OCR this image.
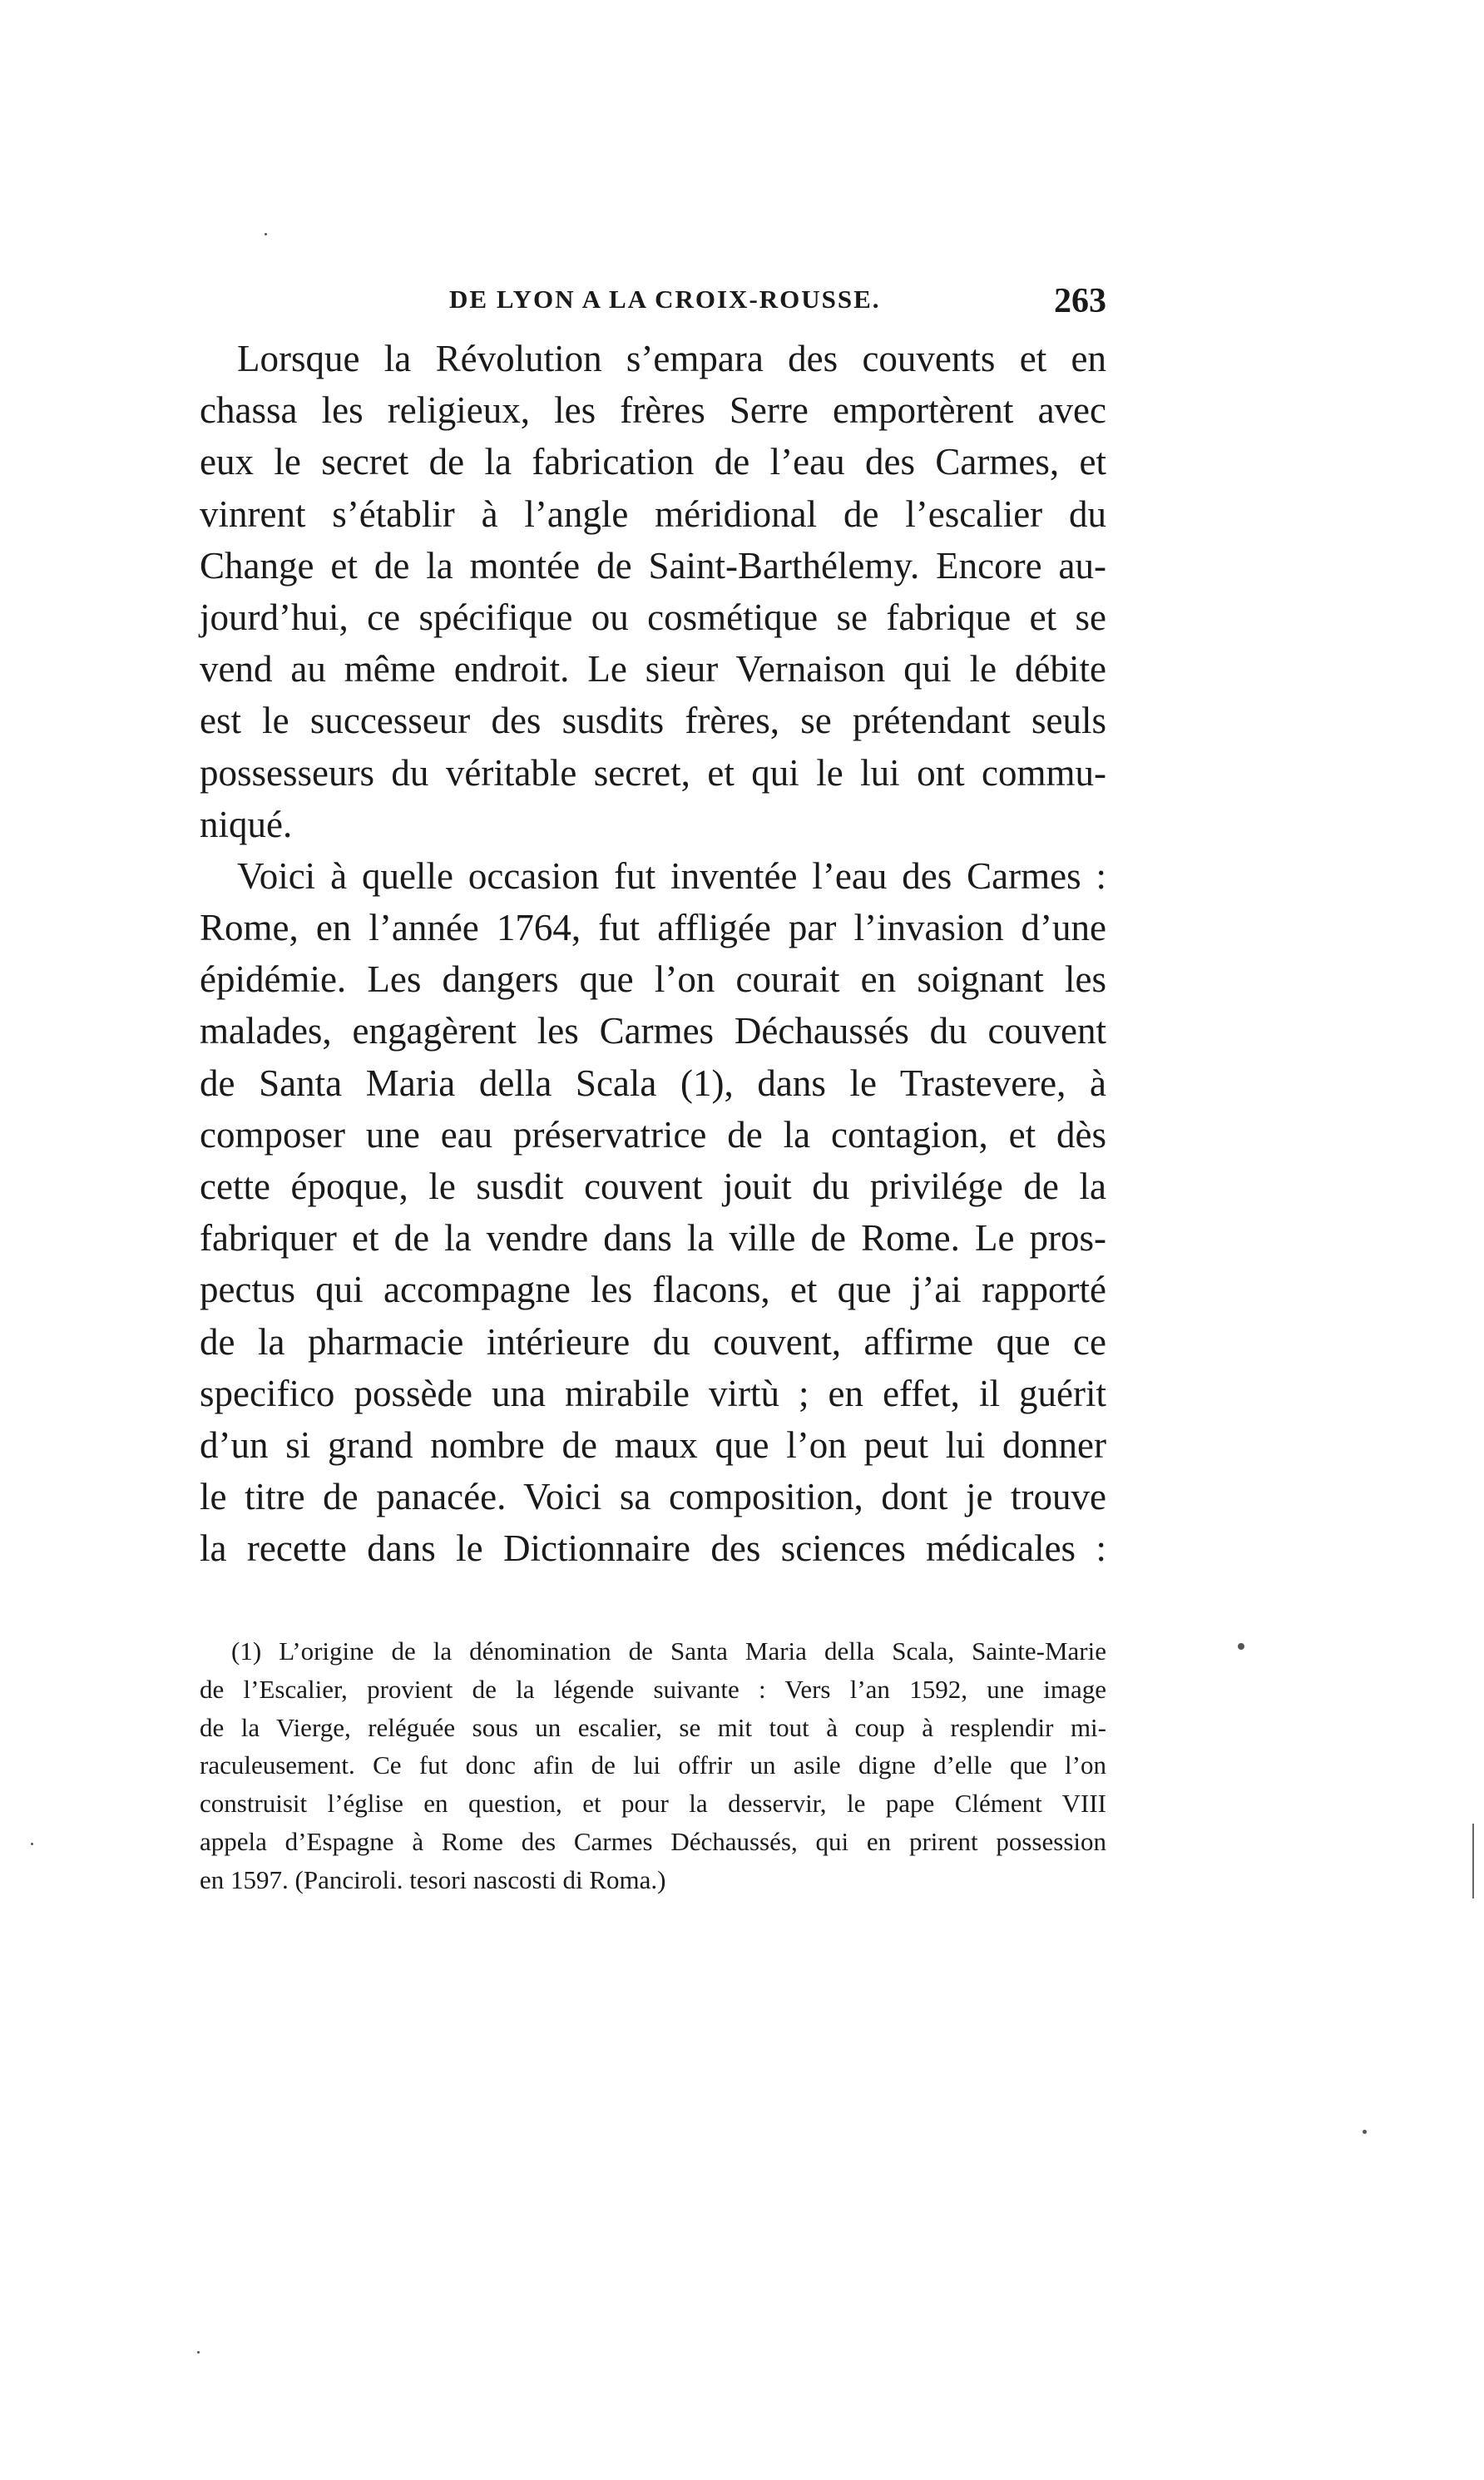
DE LYON A LA CROIX-ROUSSE.	263
Lorsque la Révolution s’empara des couvents et en
chassa les religieux, les frères Serre emportèrent avec
eux le secret de la fabrication de l’eau des Carmes, et
vinrent s’établir à l’angle méridional de l’escalier du
Change et de la montée de Saint-Barthélemy. Encore au-
jourd’hui, ce spécifique ou cosmétique se fabrique et se
vend au même endroit. Le sieur Vernaison qui le débite
est le successeur des susdits frères, se prétendant seuls
possesseurs du véritable secret, et qui le lui ont commu-
niqué.
Voici à quelle occasion fut inventée l’eau des Carmes :
Rome, en l’année 1764, fut affligée par l’invasion d’une
épidémie. Les dangers que l’on courait en soignant les
malades, engagèrent les Carmes Déchaussés du couvent
de Santa Maria della Scala (1), dans le Trastevere, à
composer une eau préservatrice de la contagion, et dès
cette époque, le susdit couvent jouit du privilége de la
fabriquer et de la vendre dans la ville de Rome. Le pros-
pectus qui accompagne les flacons, et que j’ai rapporté
de la pharmacie intérieure du couvent, affirme que ce
specifico possède una mirabile virtù ; en effet, il guérit
d’un si grand nombre de maux que l’on peut lui donner
le titre de panacée. Voici sa composition, dont je trouve
la recette dans le Dictionnaire des sciences médicales :
(1) L’origine de la dénomination de Santa Maria della Scala, Sainte-Marie
de l’Escalier, provient de la légende suivante : Vers l’an 1592, une image
de la Vierge, reléguée sous un escalier, se mit tout à coup à resplendir mi-
raculeusement. Ce fut donc afin de lui offrir un asile digne d’elle que l’on
construisit l’église en question, et pour la desservir, le pape Clément VIII
appela d’Espagne à Rome des Carmes Déchaussés, qui en prirent possession
en 1597. (Panciroli. tesori nascosti di Roma.)
